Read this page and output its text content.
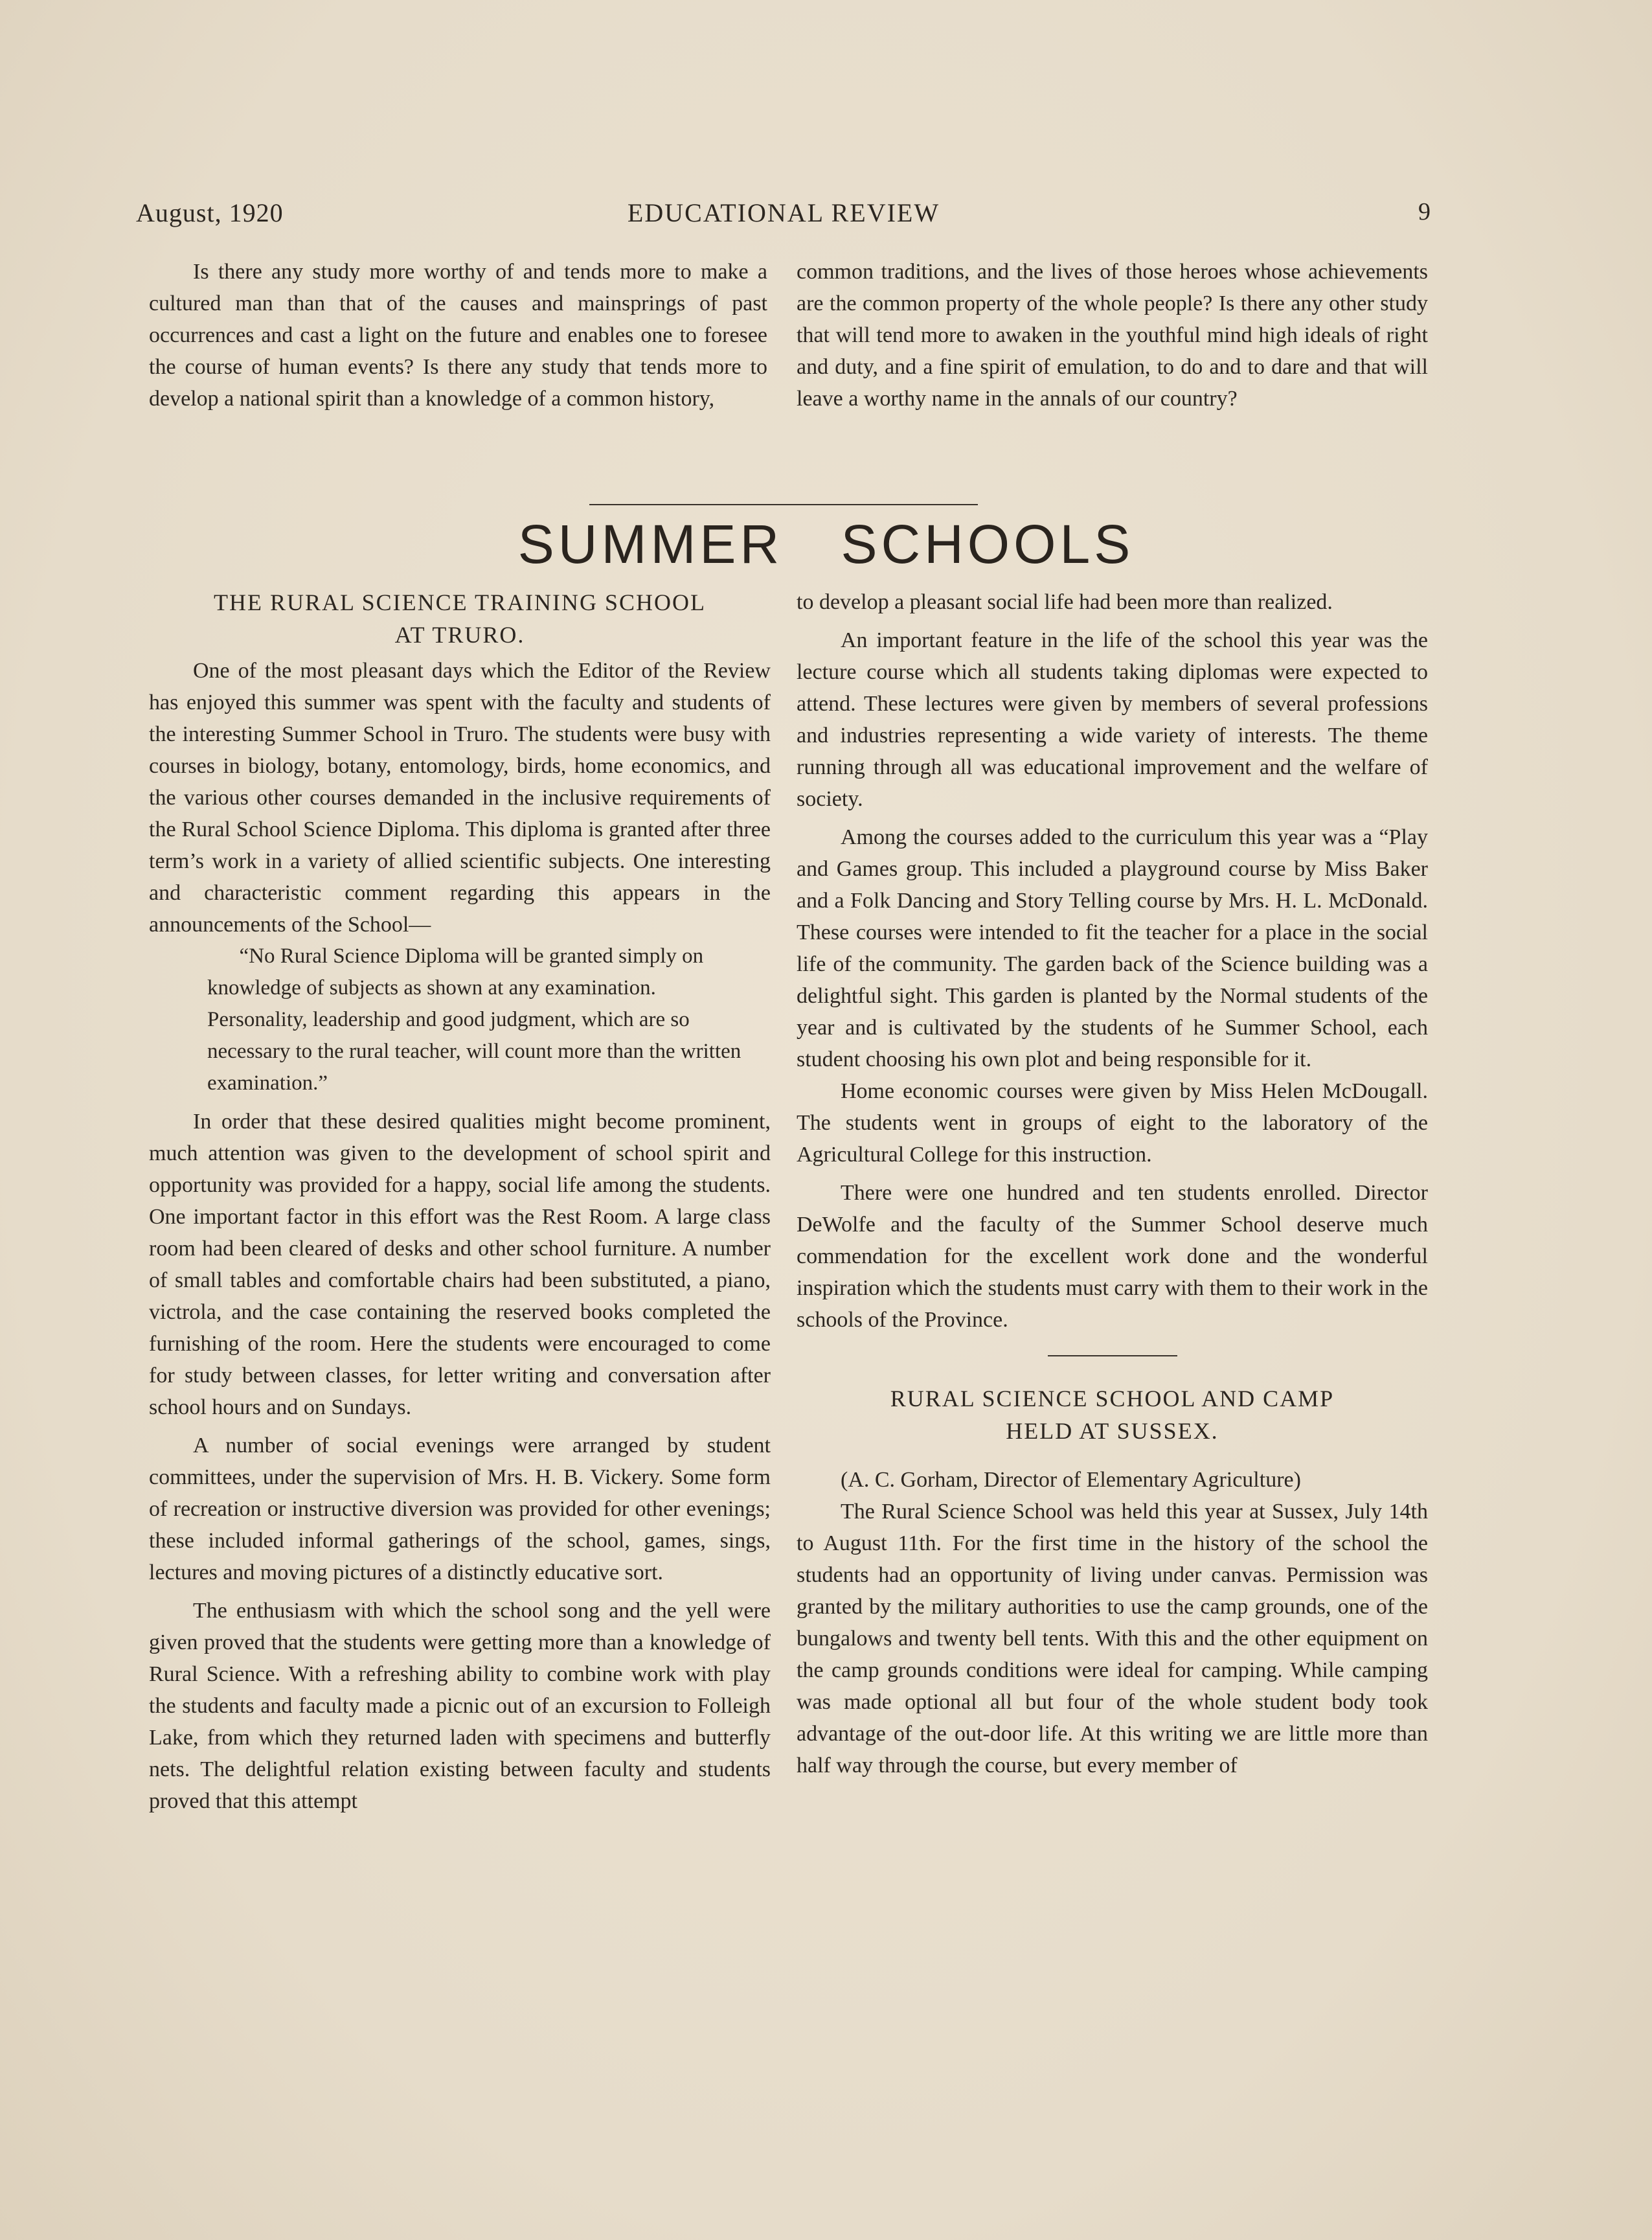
August, 1920	EDUCATIONAL REVIEW	9

Is there any study more worthy of and tends more to make a cultured man than that of the causes and mainsprings of past occurrences and cast a light on the future and enables one to foresee the course of human events? Is there any study that tends more to develop a national spirit than a knowledge of a common history,

common traditions, and the lives of those heroes whose achievements are the common property of the whole people? Is there any other study that will tend more to awaken in the youthful mind high ideals of right and duty, and a fine spirit of emulation, to do and to dare and that will leave a worthy name in the annals of our country?

SUMMER SCHOOLS
THE RURAL SCIENCE TRAINING SCHOOL
AT TRURO.

One of the most pleasant days which the Editor of the Review has enjoyed this summer was spent with the faculty and students of the interesting Summer School in Truro. The students were busy with courses in biology, botany, entomology, birds, home economics, and the various other courses demanded in the inclusive requirements of the Rural School Science Diploma. This diploma is granted after three term’s work in a variety of allied scientific subjects. One interesting and characteristic comment regarding this appears in the announcements of the School—

“No Rural Science Diploma will be granted simply on knowledge of subjects as shown at any examination. Personality, leadership and good judgment, which are so necessary to the rural teacher, will count more than the written examination.”

In order that these desired qualities might become prominent, much attention was given to the development of school spirit and opportunity was provided for a happy, social life among the students. One important factor in this effort was the Rest Room. A large class room had been cleared of desks and other school furniture. A number of small tables and comfortable chairs had been substituted, a piano, victrola, and the case containing the reserved books completed the furnishing of the room. Here the students were encouraged to come for study between classes, for letter writing and conversation after school hours and on Sundays.

A number of social evenings were arranged by student committees, under the supervision of Mrs. H. B. Vickery. Some form of recreation or instructive diversion was provided for other evenings; these included informal gatherings of the school, games, sings, lectures and moving pictures of a distinctly educative sort.

The enthusiasm with which the school song and the yell were given proved that the students were getting more than a knowledge of Rural Science. With a refreshing ability to combine work with play the students and faculty made a picnic out of an excursion to Folleigh Lake, from which they returned laden with specimens and butterfly nets. The delightful relation existing between faculty and students proved that this attempt

to develop a pleasant social life had been more than realized.

An important feature in the life of the school this year was the lecture course which all students taking diplomas were expected to attend. These lectures were given by members of several professions and industries representing a wide variety of interests. The theme running through all was educational improvement and the welfare of society.

Among the courses added to the curriculum this year was a “Play and Games group. This included a playground course by Miss Baker and a Folk Dancing and Story Telling course by Mrs. H. L. McDonald. These courses were intended to fit the teacher for a place in the social life of the community. The garden back of the Science building was a delightful sight. This garden is planted by the Normal students of the year and is cultivated by the students of he Summer School, each student choosing his own plot and being responsible for it.

Home economic courses were given by Miss Helen McDougall. The students went in groups of eight to the laboratory of the Agricultural College for this instruction.

There were one hundred and ten students enrolled. Director DeWolfe and the faculty of the Summer School deserve much commendation for the excellent work done and the wonderful inspiration which the students must carry with them to their work in the schools of the Province.

RURAL SCIENCE SCHOOL AND CAMP
HELD AT SUSSEX.

(A. C. Gorham, Director of Elementary Agriculture)

The Rural Science School was held this year at Sussex, July 14th to August 11th. For the first time in the history of the school the students had an opportunity of living under canvas. Permission was granted by the military authorities to use the camp grounds, one of the bungalows and twenty bell tents. With this and the other equipment on the camp grounds conditions were ideal for camping. While camping was made optional all but four of the whole student body took advantage of the out-door life. At this writing we are little more than half way through the course, but every member of
